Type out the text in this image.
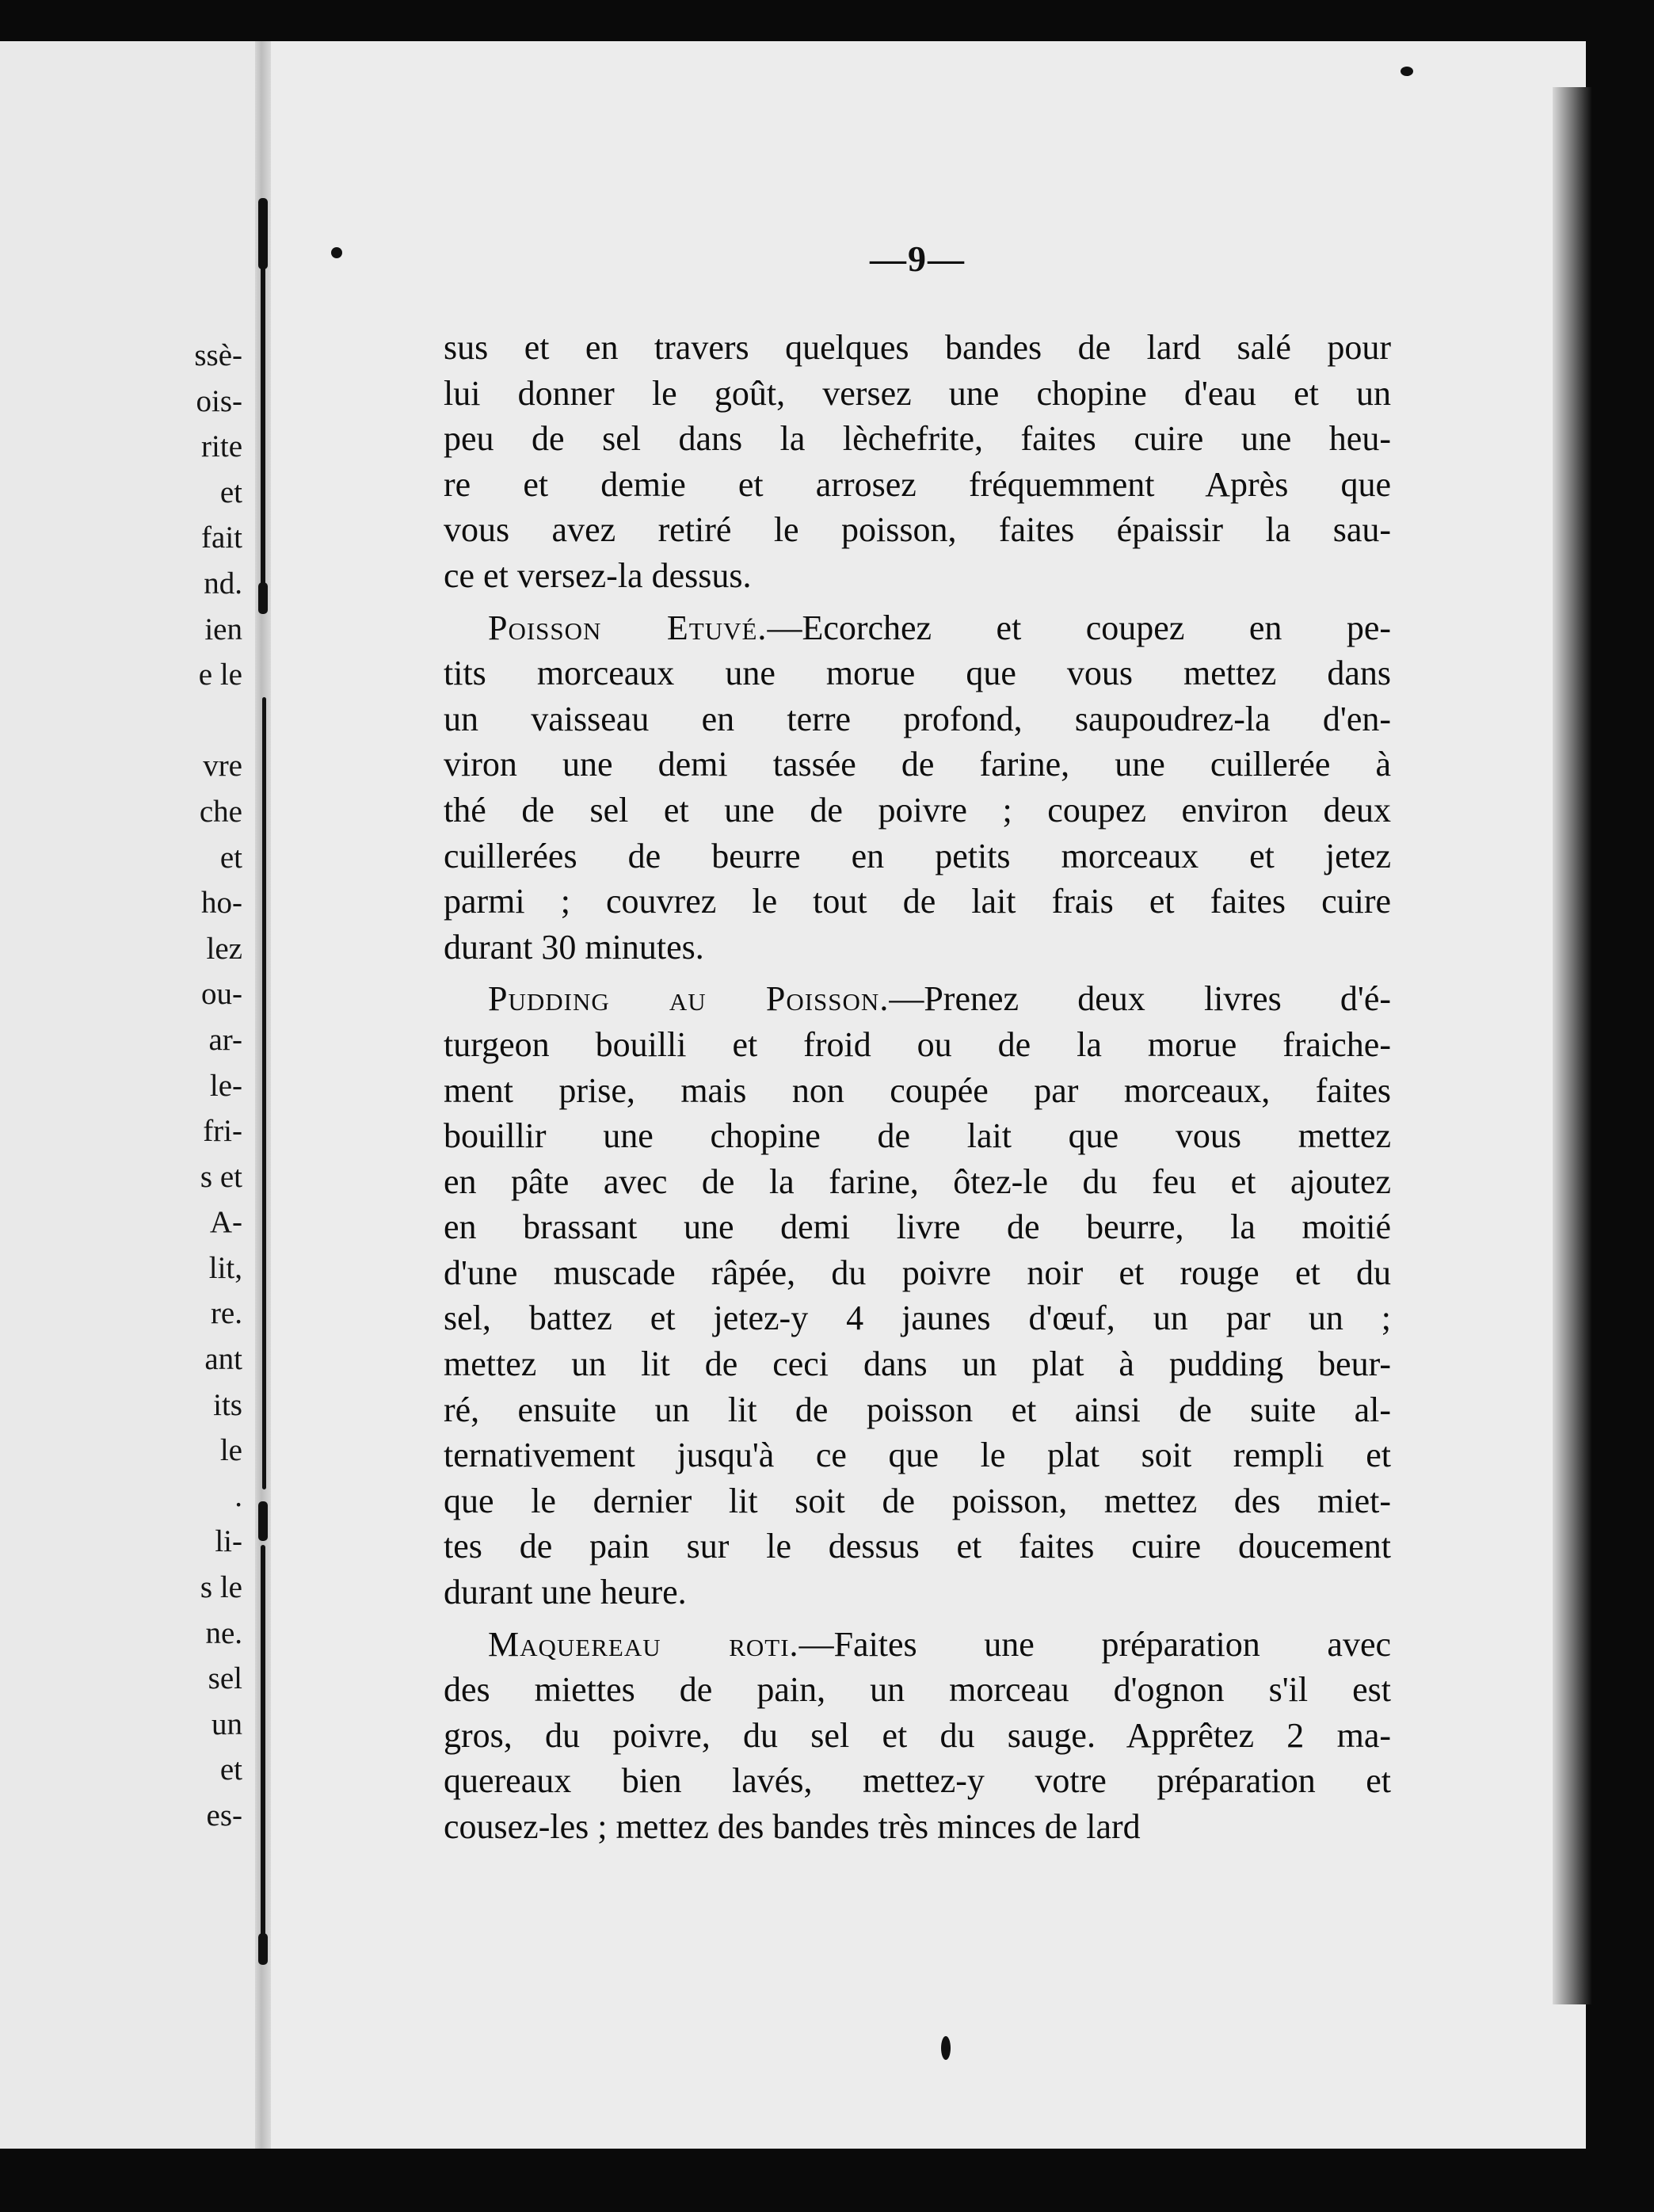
ssè-
ois-
rite
et
fait
nd.
ien
e le
vre
che
et
ho-
lez
ou-
ar-
le-
fri-
s et
A-
lit,
re.
ant
its
le
.
li-
s le
ne.
sel
un
et
es-
—9—
sus et en travers quelques bandes de lard salé pour
lui donner le goût, versez une chopine d'eau et un
peu de sel dans la lèchefrite, faites cuire une heu-
re et demie et arrosez fréquemment Après que
vous avez retiré le poisson, faites épaissir la sau-
ce et versez-la dessus.
Poisson Etuvé.—Ecorchez et coupez en pe-
tits morceaux une morue que vous mettez dans
un vaisseau en terre profond, saupoudrez-la d'en-
viron une demi tassée de farine, une cuillerée à
thé de sel et une de poivre ; coupez environ deux
cuillerées de beurre en petits morceaux et jetez
parmi ; couvrez le tout de lait frais et faites cuire
durant 30 minutes.
Pudding au Poisson.—Prenez deux livres d'é-
turgeon bouilli et froid ou de la morue fraiche-
ment prise, mais non coupée par morceaux, faites
bouillir une chopine de lait que vous mettez
en pâte avec de la farine, ôtez-le du feu et ajoutez
en brassant une demi livre de beurre, la moitié
d'une muscade râpée, du poivre noir et rouge et du
sel, battez et jetez-y 4 jaunes d'œuf, un par un ;
mettez un lit de ceci dans un plat à pudding beur-
ré, ensuite un lit de poisson et ainsi de suite al-
ternativement jusqu'à ce que le plat soit rempli et
que le dernier lit soit de poisson, mettez des miet-
tes de pain sur le dessus et faites cuire doucement
durant une heure.
Maquereau roti.—Faites une préparation avec
des miettes de pain, un morceau d'ognon s'il est
gros, du poivre, du sel et du sauge. Apprêtez 2 ma-
quereaux bien lavés, mettez-y votre préparation et
cousez-les ; mettez des bandes très minces de lard
